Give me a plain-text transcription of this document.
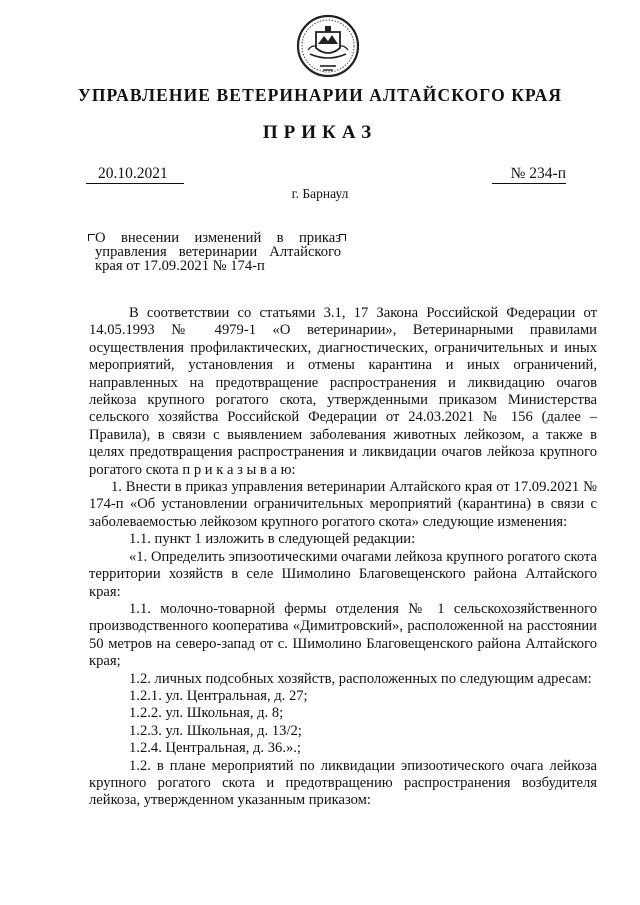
УПРАВЛЕНИЕ ВЕТЕРИНАРИИ АЛТАЙСКОГО КРАЯ
ПРИКАЗ
20.10.2021	№ 234-п
г. Барнаул
О внесении изменений в приказ управления ветеринарии Алтайского края от 17.09.2021 № 174-п

В соответствии со статьями 3.1, 17 Закона Российской Федерации от 14.05.1993 № 4979-1 «О ветеринарии», Ветеринарными правилами осуществления профилактических, диагностических, ограничительных и иных мероприятий, установления и отмены карантина и иных ограничений, направленных на предотвращение распространения и ликвидацию очагов лейкоза крупного рогатого скота, утвержденными приказом Министерства сельского хозяйства Российской Федерации от 24.03.2021 № 156 (далее – Правила), в связи с выявлением заболевания животных лейкозом, а также в целях предотвращения распространения и ликвидации очагов лейкоза крупного рогатого скота п р и к а з ы в а ю:

1. Внести в приказ управления ветеринарии Алтайского края от 17.09.2021 № 174-п «Об установлении ограничительных мероприятий (карантина) в связи с заболеваемостью лейкозом крупного рогатого скота» следующие изменения:

1.1. пункт 1 изложить в следующей редакции:

«1. Определить эпизоотическими очагами лейкоза крупного рогатого скота территории хозяйств в селе Шимолино Благовещенского района Алтайского края:

1.1. молочно-товарной фермы отделения № 1 сельскохозяйственного производственного кооператива «Димитровский», расположенной на расстоянии 50 метров на северо-запад от с. Шимолино Благовещенского района Алтайского края;

1.2. личных подсобных хозяйств, расположенных по следующим адресам:

1.2.1. ул. Центральная, д. 27;
1.2.2. ул. Школьная, д. 8;
1.2.3. ул. Школьная, д. 13/2;
1.2.4. Центральная, д. 36.».;

1.2. в плане мероприятий по ликвидации эпизоотического очага лейкоза крупного рогатого скота и предотвращению распространения возбудителя лейкоза, утвержденном указанным приказом:
